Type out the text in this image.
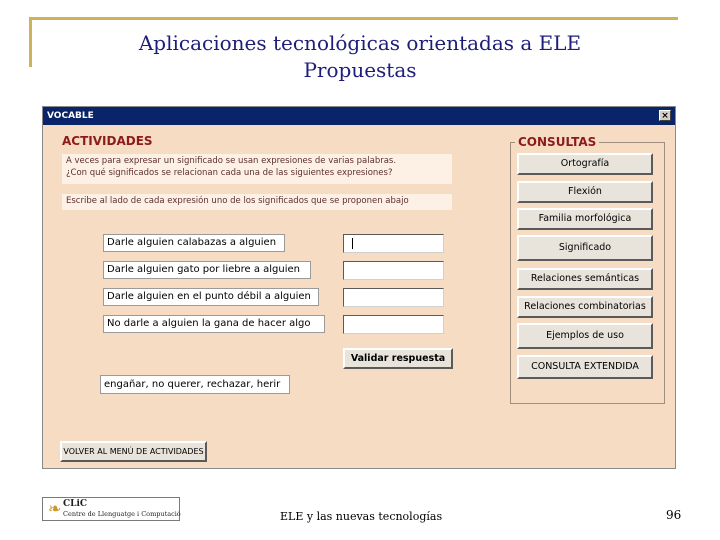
Aplicaciones tecnológicas orientadas a ELE
Propuestas
VOCABLE	×
ACTIVIDADES
A veces para expresar un significado se usan expresiones de varias palabras.
¿Con qué significados se relacionan cada una de las siguientes expresiones?
Escribe al lado de cada expresión uno de los significados que se proponen abajo
Darle alguien calabazas a alguien
Darle alguien gato por liebre a alguien
Darle alguien en el punto débil a alguien
No darle a alguien la gana de hacer algo
Validar respuesta
engañar, no querer, rechazar, herir
VOLVER AL MENÚ DE ACTIVIDADES
CONSULTAS
Ortografía
Flexión
Familia morfológica
Significado
Relaciones semánticas
Relaciones combinatorias
Ejemplos de uso
CONSULTA EXTENDIDA
❧ CLiC
Centre de Llenguatge i Computació	ELE y las nuevas tecnologías	96
